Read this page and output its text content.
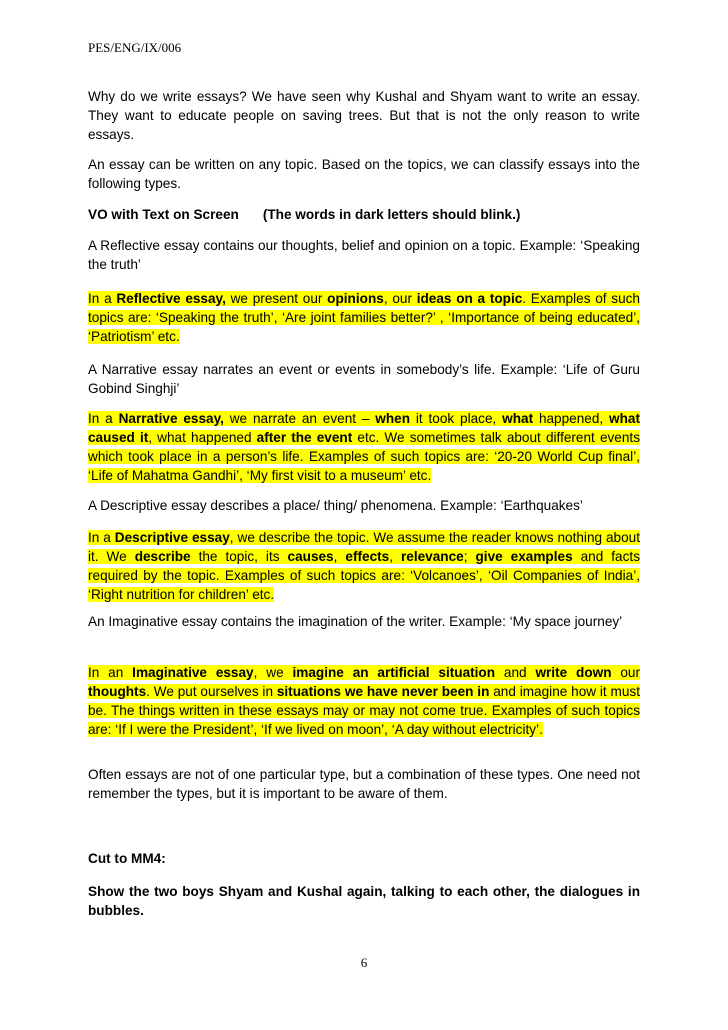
PES/ENG/IX/006

Why do we write essays? We have seen why Kushal and Shyam want to write an essay. They want to educate people on saving trees. But that is not the only reason to write essays.

An essay can be written on any topic. Based on the topics, we can classify essays into the following types.

VO with Text on Screen (The words in dark letters should blink.)

A Reflective essay contains our thoughts, belief and opinion on a topic. Example: ‘Speaking the truth’

In a Reflective essay, we present our opinions, our ideas on a topic. Examples of such topics are: ‘Speaking the truth’, ‘Are joint families better?’ , ‘Importance of being educated’, ‘Patriotism’ etc.

A Narrative essay narrates an event or events in somebody’s life. Example: ‘Life of Guru Gobind Singhji’

In a Narrative essay, we narrate an event – when it took place, what happened, what caused it, what happened after the event etc. We sometimes talk about different events which took place in a person’s life. Examples of such topics are: ‘20-20 World Cup final’, ‘Life of Mahatma Gandhi’, ‘My first visit to a museum’ etc.

A Descriptive essay describes a place/ thing/ phenomena. Example: ‘Earthquakes’

In a Descriptive essay, we describe the topic. We assume the reader knows nothing about it. We describe the topic, its causes, effects, relevance; give examples and facts required by the topic. Examples of such topics are: ‘Volcanoes’, ‘Oil Companies of India’, ‘Right nutrition for children’ etc.

An Imaginative essay contains the imagination of the writer. Example: ‘My space journey’

In an Imaginative essay, we imagine an artificial situation and write down our thoughts. We put ourselves in situations we have never been in and imagine how it must be. The things written in these essays may or may not come true. Examples of such topics are: ‘If I were the President’, ‘If we lived on moon’, ‘A day without electricity’.

Often essays are not of one particular type, but a combination of these types. One need not remember the types, but it is important to be aware of them.

Cut to MM4:

Show the two boys Shyam and Kushal again, talking to each other, the dialogues in bubbles.

6
